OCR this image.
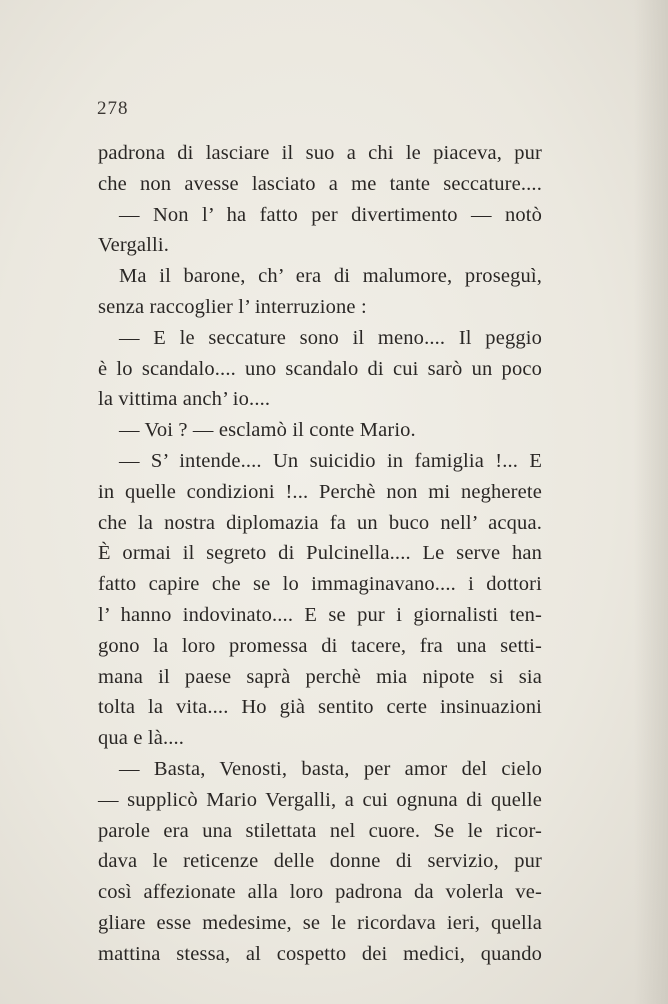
278
padrona di lasciare il suo a chi le piaceva, pur
che non avesse lasciato a me tante seccature....
— Non l’ ha fatto per divertimento — notò
Vergalli.
Ma il barone, ch’ era di malumore, proseguì,
senza raccoglier l’ interruzione :
— E le seccature sono il meno.... Il peggio
è lo scandalo.... uno scandalo di cui sarò un poco
la vittima anch’ io....
— Voi ? — esclamò il conte Mario.
— S’ intende.... Un suicidio in famiglia !... E
in quelle condizioni !... Perchè non mi negherete
che la nostra diplomazia fa un buco nell’ acqua.
È ormai il segreto di Pulcinella.... Le serve han
fatto capire che se lo immaginavano.... i dottori
l’ hanno indovinato.... E se pur i giornalisti ten-
gono la loro promessa di tacere, fra una setti-
mana il paese saprà perchè mia nipote si sia
tolta la vita.... Ho già sentito certe insinuazioni
qua e là....
— Basta, Venosti, basta, per amor del cielo
— supplicò Mario Vergalli, a cui ognuna di quelle
parole era una stilettata nel cuore. Se le ricor-
dava le reticenze delle donne di servizio, pur
così affezionate alla loro padrona da volerla ve-
gliare esse medesime, se le ricordava ieri, quella
mattina stessa, al cospetto dei medici, quando
